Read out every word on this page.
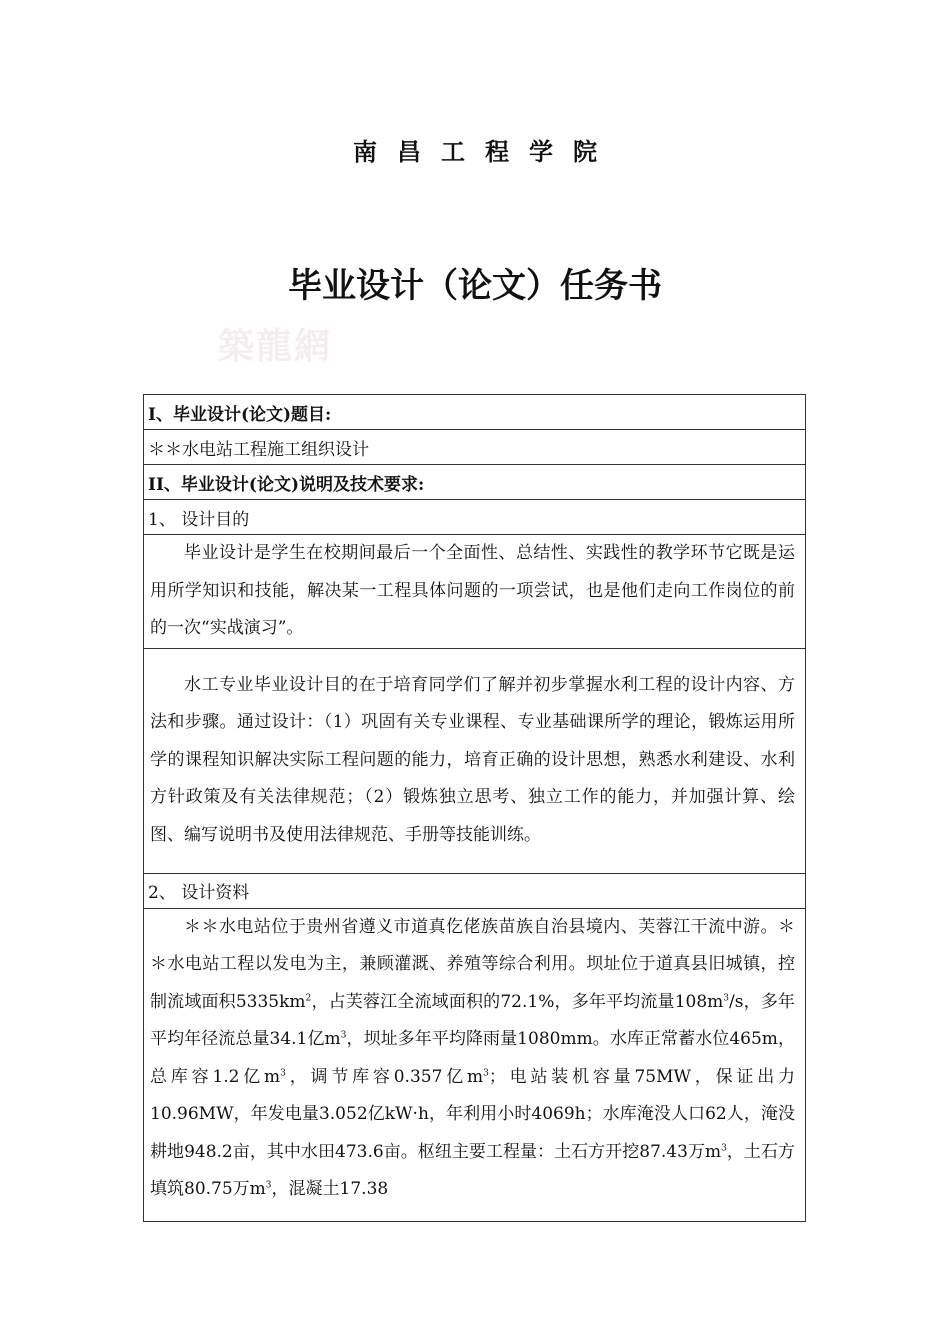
南昌工程学院
毕业设计（论文）任务书
築龍網
I、毕业设计(论文)题目:
＊＊水电站工程施工组织设计
II、毕业设计(论文)说明及技术要求:
1、 设计目的
毕业设计是学生在校期间最后一个全面性、总结性、实践性的教学环节它既是运用所学知识和技能，解决某一工程具体问题的一项尝试，也是他们走向工作岗位的前的一次“实战演习”。
水工专业毕业设计目的在于培育同学们了解并初步掌握水利工程的设计内容、方法和步骤。通过设计：（1）巩固有关专业课程、专业基础课所学的理论，锻炼运用所学的课程知识解决实际工程问题的能力，培育正确的设计思想，熟悉水利建设、水利方针政策及有关法律规范；（2）锻炼独立思考、独立工作的能力，并加强计算、绘图、编写说明书及使用法律规范、手册等技能训练。
2、 设计资料
＊＊水电站位于贵州省遵义市道真仡佬族苗族自治县境内、芙蓉江干流中游。＊＊水电站工程以发电为主，兼顾灌溉、养殖等综合利用。坝址位于道真县旧城镇，控制流域面积$5335km^2$，占芙蓉江全流域面积的72.1%，多年平均流量$108m^3/s$，多年平均年径流总量34.1亿$m^3$，坝址多年平均降雨量1080mm。水库正常蓄水位465m，总库容1.2亿$m^3$，调节库容0.357亿$m^3$；电站装机容量75MW，保证出力10.96MW，年发电量3.052亿kW·h，年利用小时4069h；水库淹没人口62人，淹没耕地948.2亩，其中水田473.6亩。枢纽主要工程量：土石方开挖87.43万$m^3$，土石方填筑80.75万$m^3$，混凝土17.38
